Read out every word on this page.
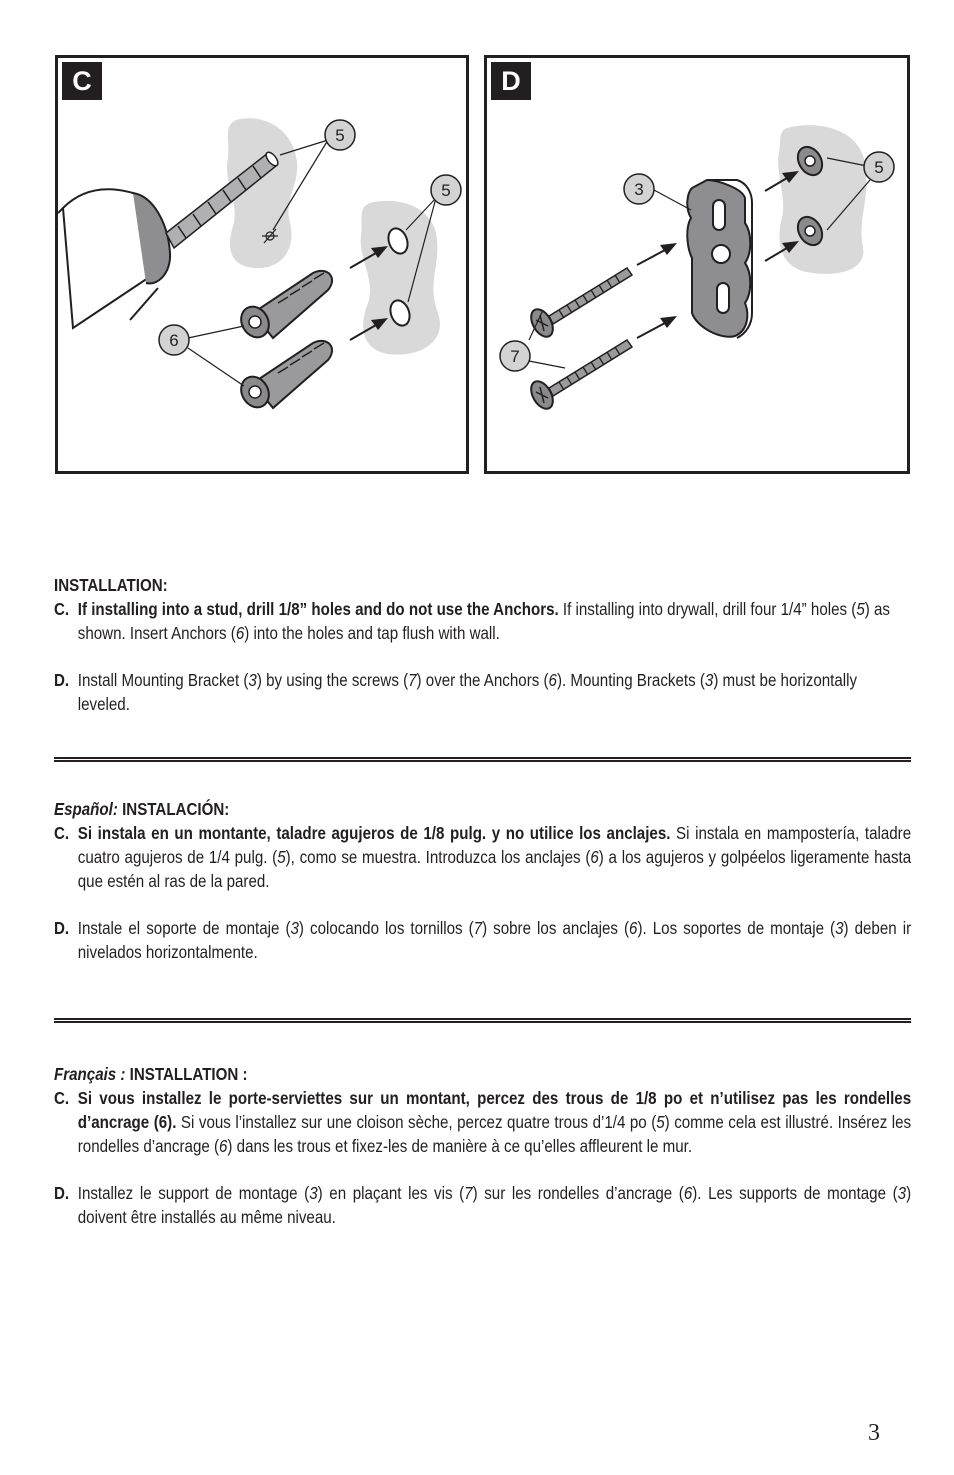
5
5
6
C
3
5
7
D
INSTALLATION:

C. If installing into a stud, drill 1/8” holes and do not use the Anchors. If installing into drywall, drill four 1/4” holes (5) as shown. Insert Anchors (6) into the holes and tap flush with wall.

D. Install Mounting Bracket (3) by using the screws (7) over the Anchors (6). Mounting Brackets (3) must be horizontally leveled.

Español: INSTALACIÓN:

C. Si instala en un montante, taladre agujeros de 1/8 pulg. y no utilice los anclajes. Si instala en mampostería, taladre cuatro agujeros de 1/4 pulg. (5), como se muestra. Introduzca los anclajes (6) a los agujeros y golpéelos ligeramente hasta que estén al ras de la pared.

D. Instale el soporte de montaje (3) colocando los tornillos (7) sobre los anclajes (6). Los soportes de montaje (3) deben ir nivelados horizontalmente.

Français : INSTALLATION :

C. Si vous installez le porte-serviettes sur un montant, percez des trous de 1/8 po et n’utilisez pas les rondelles d’ancrage (6). Si vous l’installez sur une cloison sèche, percez quatre trous d’1/4 po (5) comme cela est illustré. Insérez les rondelles d’ancrage (6) dans les trous et fixez-les de manière à ce qu’elles affleurent le mur.

D. Installez le support de montage (3) en plaçant les vis (7) sur les rondelles d’ancrage (6). Les supports de montage (3) doivent être installés au même niveau.

3
